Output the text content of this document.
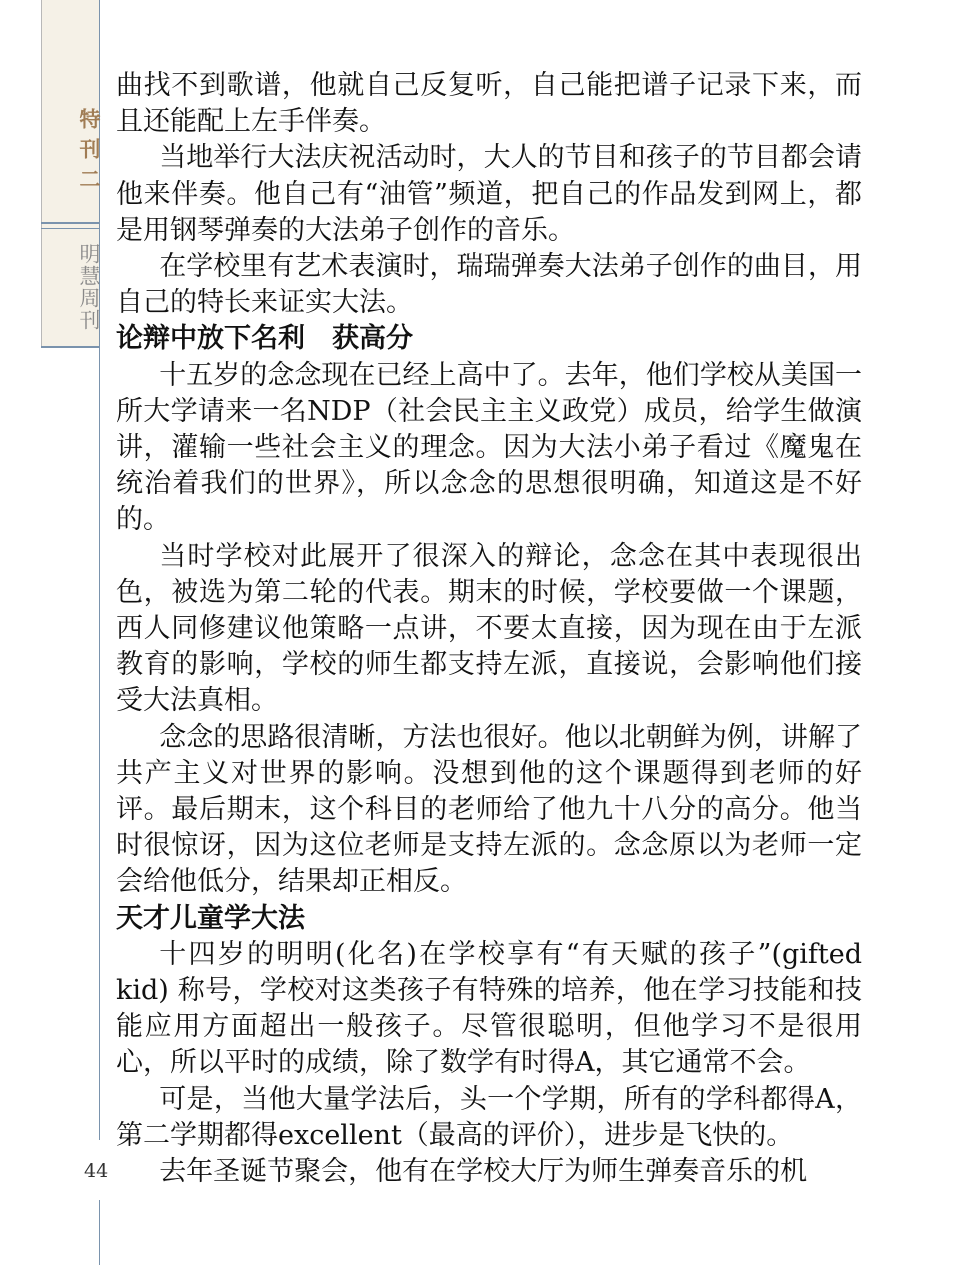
特刊二
明慧周刊
44

曲找不到歌谱，他就自己反复听，自己能把谱子记录下来，而且还能配上左手伴奏。

当地举行大法庆祝活动时，大人的节目和孩子的节目都会请他来伴奏。他自己有“油管”频道，把自己的作品发到网上，都是用钢琴弹奏的大法弟子创作的音乐。

在学校里有艺术表演时，瑞瑞弹奏大法弟子创作的曲目，用自己的特长来证实大法。

论辩中放下名利　获高分

十五岁的念念现在已经上高中了。去年，他们学校从美国一所大学请来一名NDP（社会民主主义政党）成员，给学生做演讲，灌输一些社会主义的理念。因为大法小弟子看过《魔鬼在统治着我们的世界》，所以念念的思想很明确，知道这是不好的。

当时学校对此展开了很深入的辩论，念念在其中表现很出色，被选为第二轮的代表。期末的时候，学校要做一个课题，西人同修建议他策略一点讲，不要太直接，因为现在由于左派教育的影响，学校的师生都支持左派，直接说，会影响他们接受大法真相。

念念的思路很清晰，方法也很好。他以北朝鲜为例，讲解了共产主义对世界的影响。没想到他的这个课题得到老师的好评。最后期末，这个科目的老师给了他九十八分的高分。他当时很惊讶，因为这位老师是支持左派的。念念原以为老师一定会给他低分，结果却正相反。

天才儿童学大法

十四岁的明明(化名)在学校享有“有天赋的孩子”(gifted kid) 称号，学校对这类孩子有特殊的培养，他在学习技能和技能应用方面超出一般孩子。尽管很聪明，但他学习不是很用心，所以平时的成绩，除了数学有时得A，其它通常不会。

可是，当他大量学法后，头一个学期，所有的学科都得A，第二学期都得excellent（最高的评价），进步是飞快的。

去年圣诞节聚会，他有在学校大厅为师生弹奏音乐的机
